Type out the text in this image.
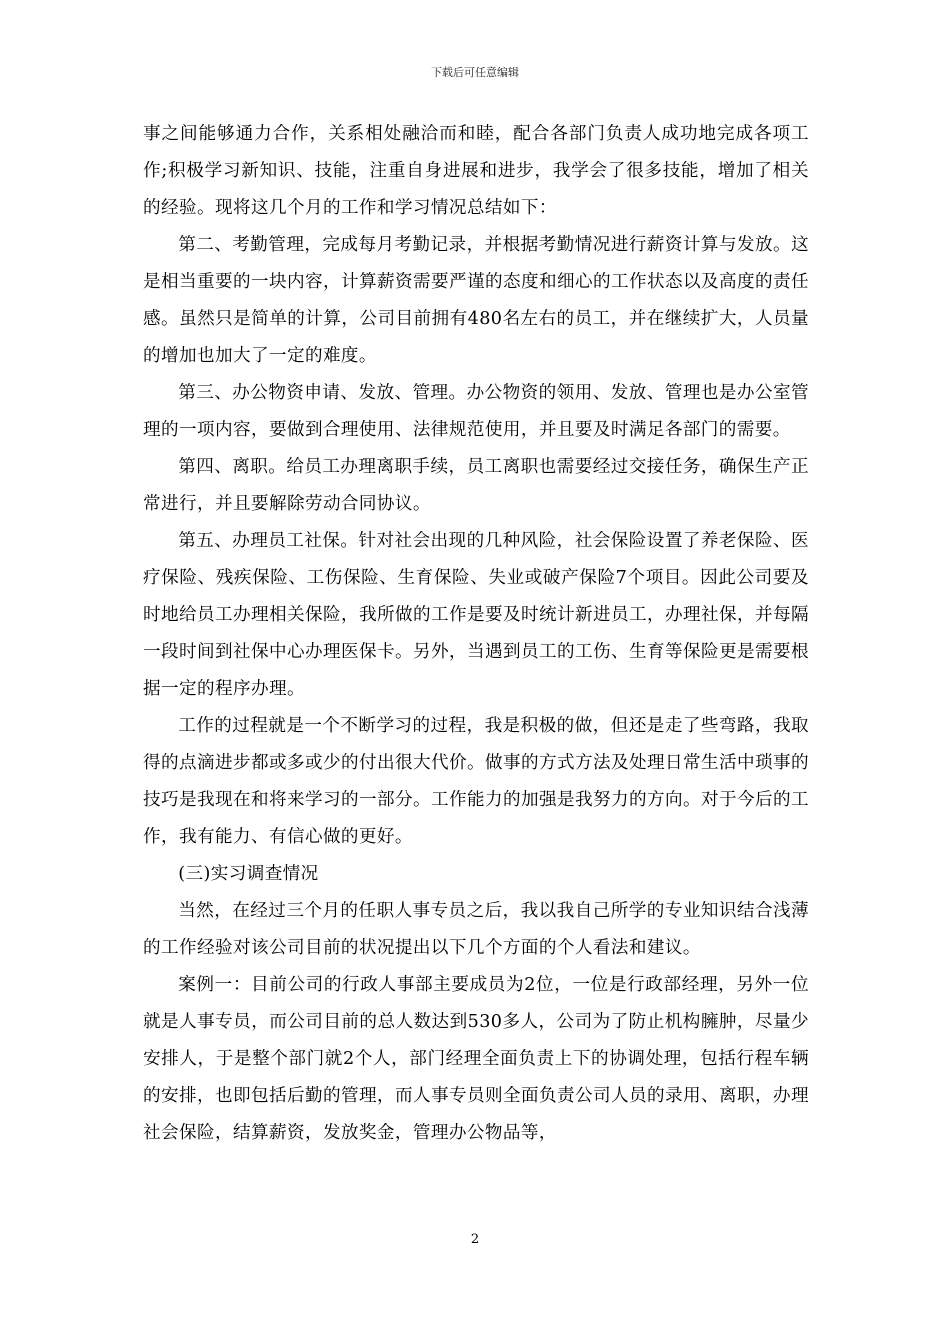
下载后可任意编辑

事之间能够通力合作，关系相处融洽而和睦，配合各部门负责人成功地完成各项工作;积极学习新知识、技能，注重自身进展和进步，我学会了很多技能，增加了相关的经验。现将这几个月的工作和学习情况总结如下：

第二、考勤管理，完成每月考勤记录，并根据考勤情况进行薪资计算与发放。这是相当重要的一块内容，计算薪资需要严谨的态度和细心的工作状态以及高度的责任感。虽然只是简单的计算，公司目前拥有480名左右的员工，并在继续扩大，人员量的增加也加大了一定的难度。

第三、办公物资申请、发放、管理。办公物资的领用、发放、管理也是办公室管理的一项内容，要做到合理使用、法律规范使用，并且要及时满足各部门的需要。

第四、离职。给员工办理离职手续，员工离职也需要经过交接任务，确保生产正常进行，并且要解除劳动合同协议。

第五、办理员工社保。针对社会出现的几种风险，社会保险设置了养老保险、医疗保险、残疾保险、工伤保险、生育保险、失业或破产保险7个项目。因此公司要及时地给员工办理相关保险，我所做的工作是要及时统计新进员工，办理社保，并每隔一段时间到社保中心办理医保卡。另外，当遇到员工的工伤、生育等保险更是需要根据一定的程序办理。

工作的过程就是一个不断学习的过程，我是积极的做，但还是走了些弯路，我取得的点滴进步都或多或少的付出很大代价。做事的方式方法及处理日常生活中琐事的技巧是我现在和将来学习的一部分。工作能力的加强是我努力的方向。对于今后的工作，我有能力、有信心做的更好。

(三)实习调查情况

当然，在经过三个月的任职人事专员之后，我以我自己所学的专业知识结合浅薄的工作经验对该公司目前的状况提出以下几个方面的个人看法和建议。

案例一：目前公司的行政人事部主要成员为2位，一位是行政部经理，另外一位就是人事专员，而公司目前的总人数达到530多人，公司为了防止机构臃肿，尽量少安排人，于是整个部门就2个人，部门经理全面负责上下的协调处理，包括行程车辆的安排，也即包括后勤的管理，而人事专员则全面负责公司人员的录用、离职，办理社会保险，结算薪资，发放奖金，管理办公物品等，

2
